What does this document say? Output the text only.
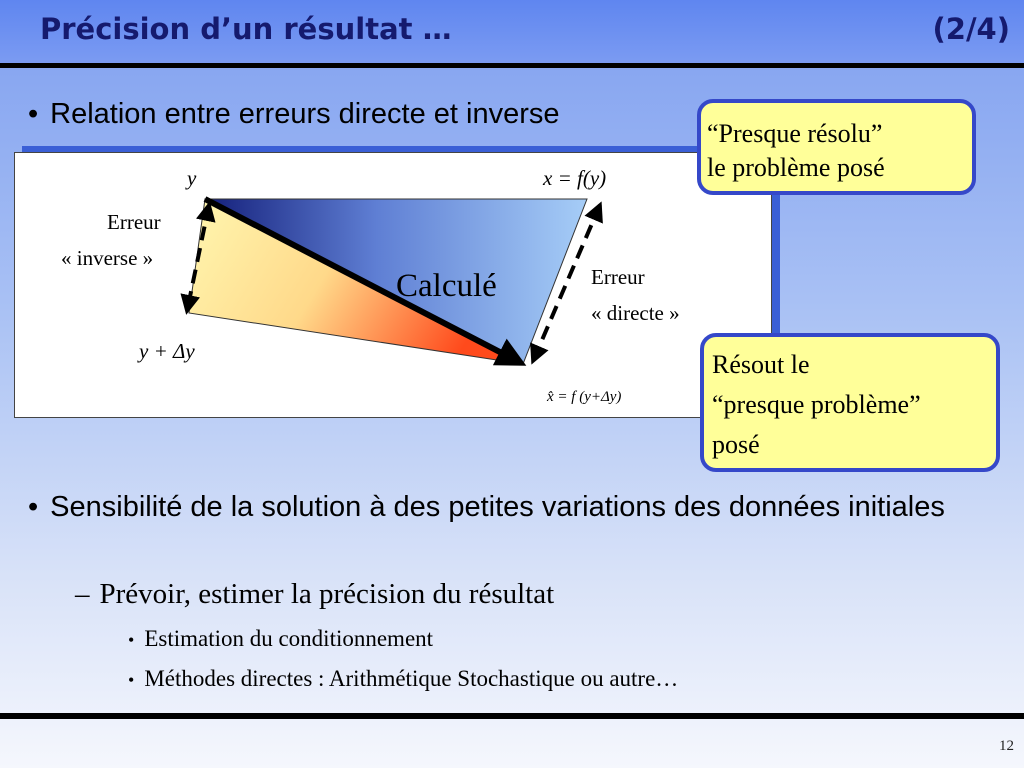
Précision d’un résultat …	(2/4)
• Relation entre erreurs directe et inverse
y	x = f(y)
y + Δy
x̂ = f (y+Δy)
Calculé
Erreur
« inverse »
Erreur
« directe »
“Presque résolu”
le problème posé
Résout le
“presque problème”
posé
• Sensibilité de la solution à des petites variations des données initiales
– Prévoir, estimer la précision du résultat
• Estimation du conditionnement
• Méthodes directes : Arithmétique Stochastique ou autre…
12
